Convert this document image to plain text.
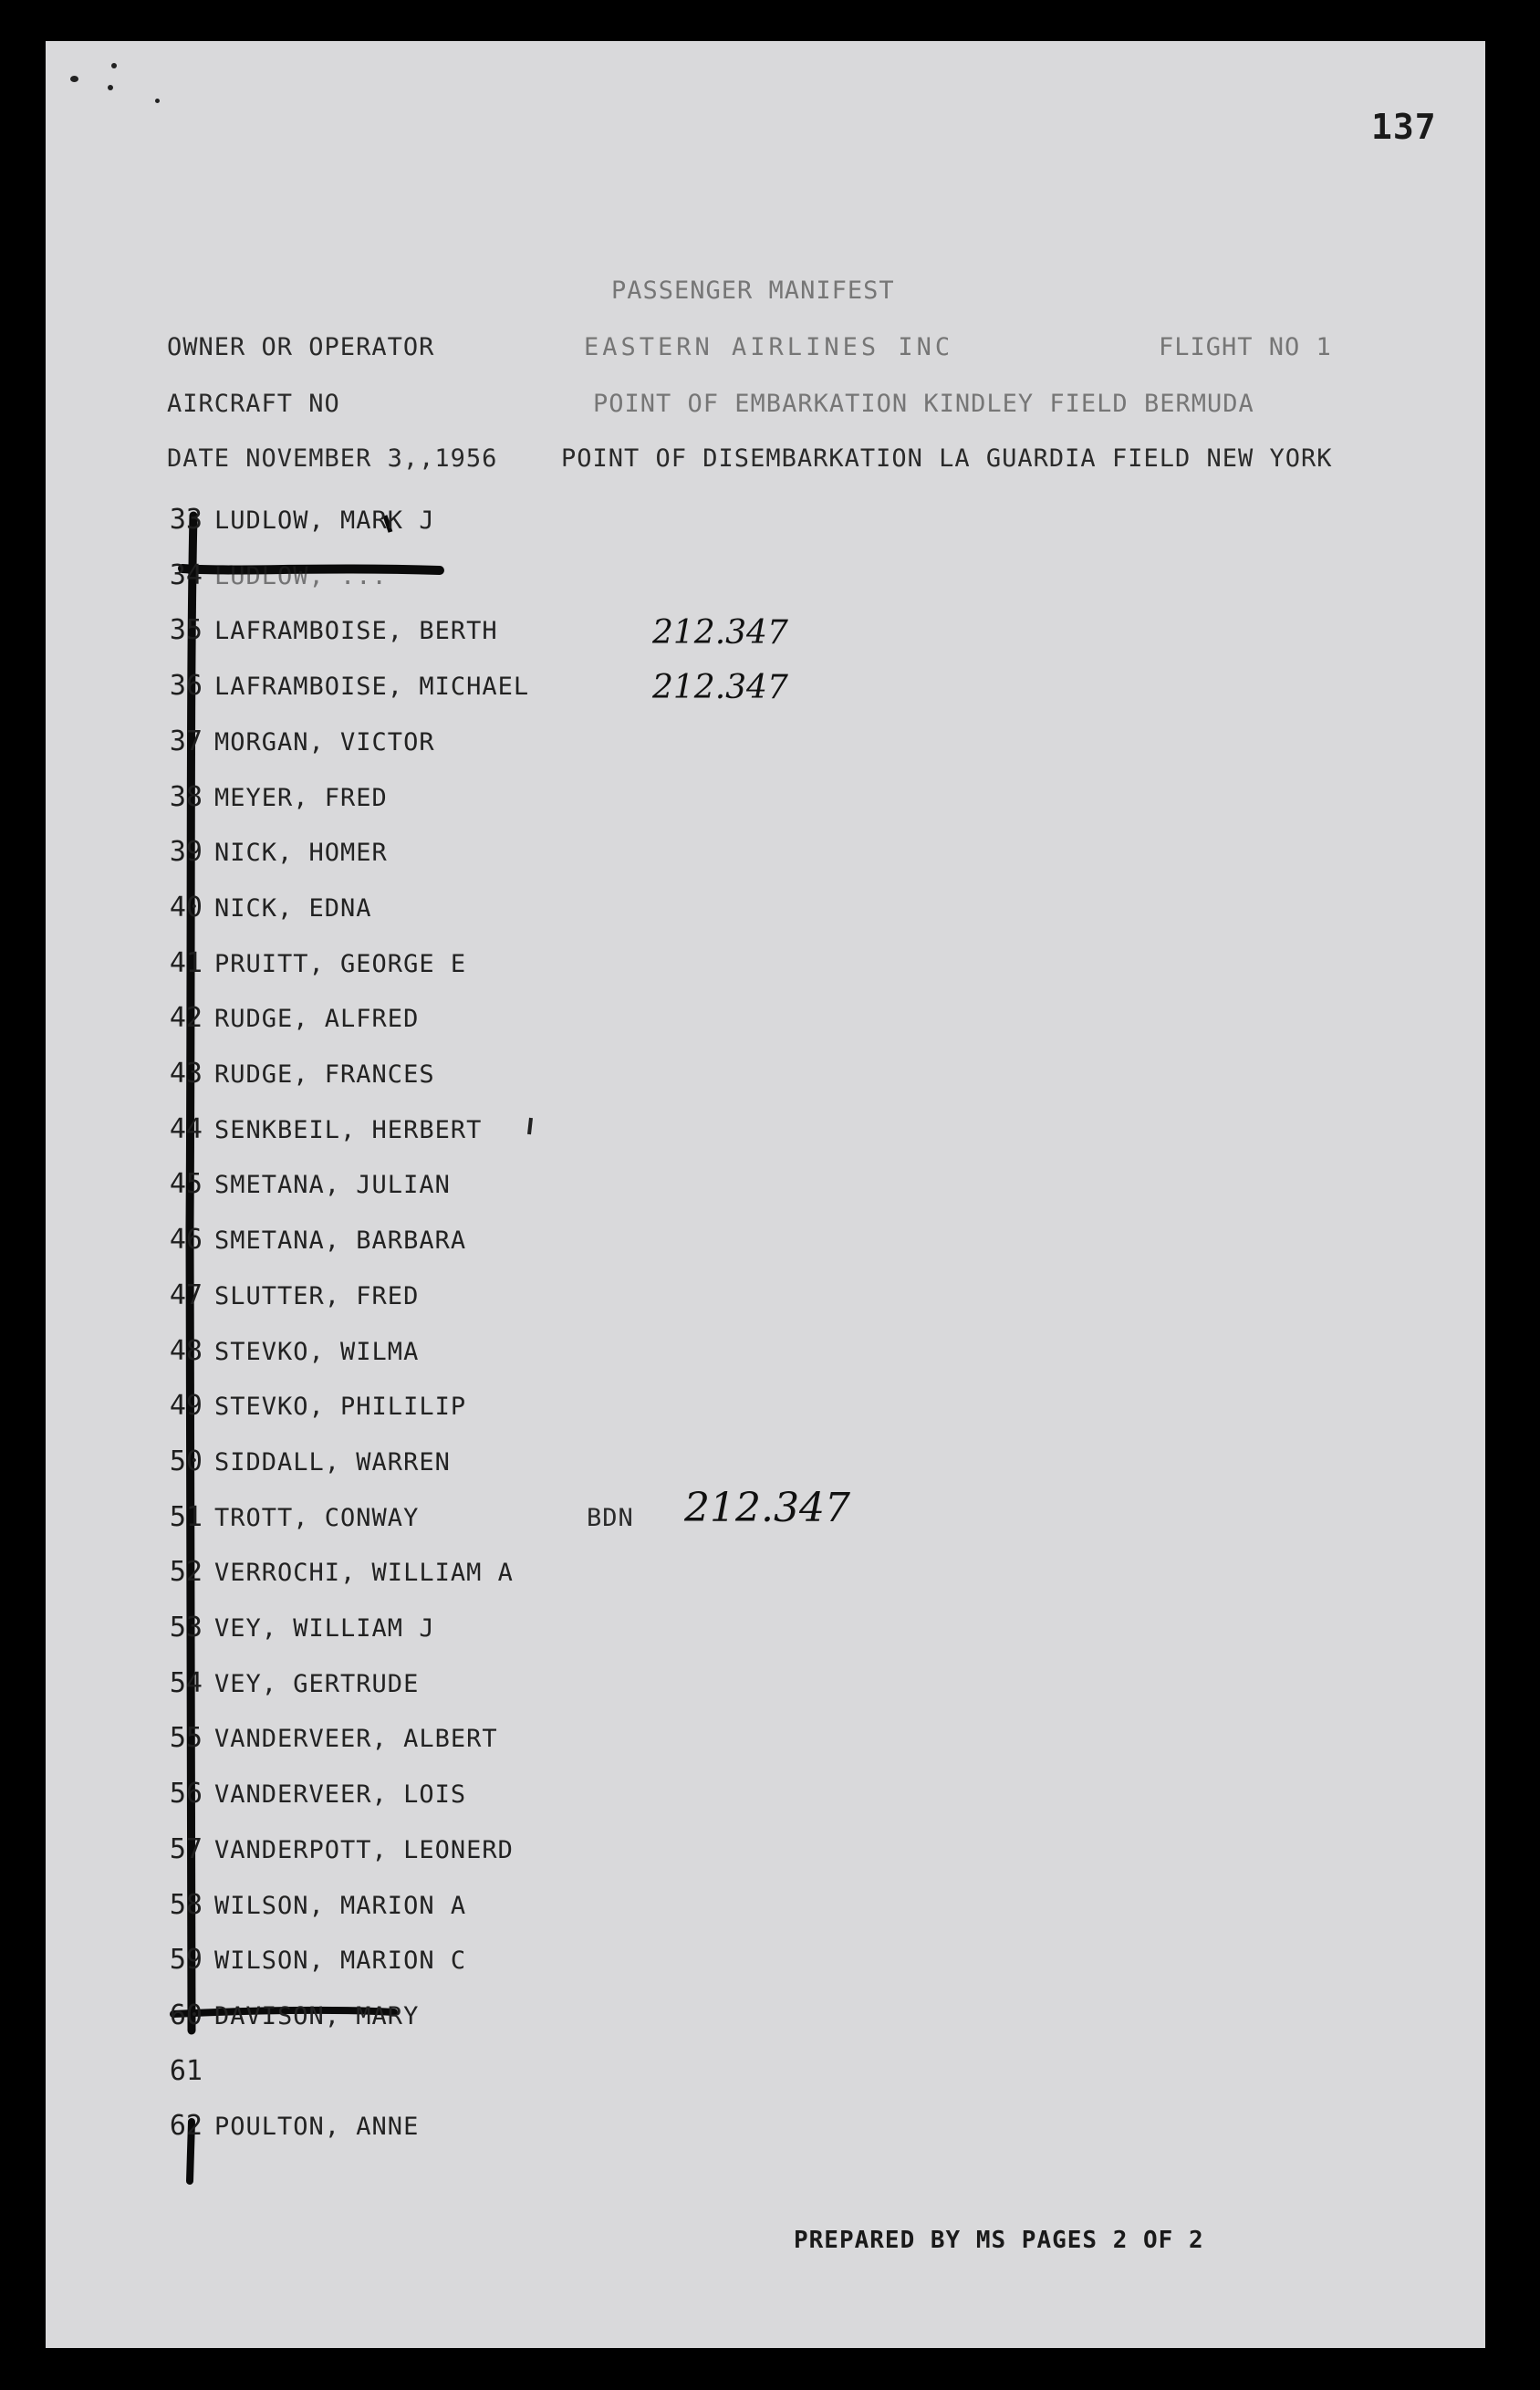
137
PASSENGER MANIFEST
OWNER OR OPERATOR	EASTERN AIRLINES INC	FLIGHT NO 1
AIRCRAFT NO	POINT OF EMBARKATION KINDLEY FIELD BERMUDA
DATE NOVEMBER 3,,1956	POINT OF DISEMBARKATION LA GUARDIA FIELD NEW YORK
212.347
212.347
BDN 212.347
PREPARED BY MS PAGES 2 OF 2
33 LUDLOW, MARK J
34 LUDLOW, ...
35 LAFRAMBOISE, BERTH
36 LAFRAMBOISE, MICHAEL
37 MORGAN, VICTOR
38 MEYER, FRED
39 NICK, HOMER
40 NICK, EDNA
41 PRUITT, GEORGE E
42 RUDGE, ALFRED
43 RUDGE, FRANCES
44 SENKBEIL, HERBERT
45 SMETANA, JULIAN
46 SMETANA, BARBARA
47 SLUTTER, FRED
48 STEVKO, WILMA
49 STEVKO, PHILILIP
50 SIDDALL, WARREN
51 TROTT, CONWAY
52 VERROCHI, WILLIAM A
53 VEY, WILLIAM J
54 VEY, GERTRUDE
55 VANDERVEER, ALBERT
56 VANDERVEER, LOIS
57 VANDERPOTT, LEONERD
58 WILSON, MARION A
59 WILSON, MARION C
60 DAVISON, MARY
61
62 POULTON, ANNE
